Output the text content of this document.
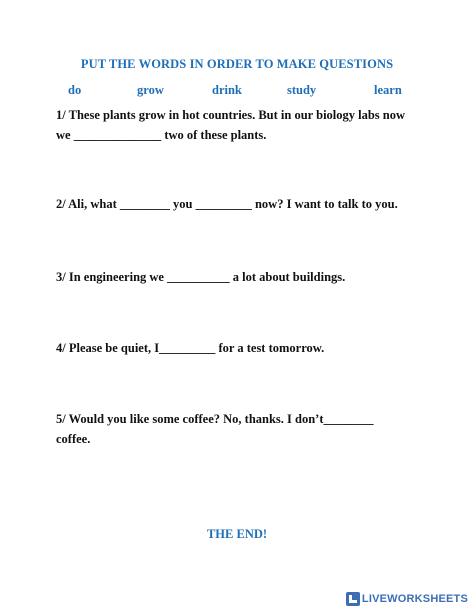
PUT THE WORDS IN ORDER TO MAKE QUESTIONS
do	grow	drink	study	learn
1/ These plants grow in hot countries. But in our biology labs now
we ______________ two of these plants.
2/ Ali, what ________ you _________ now? I want to talk to you.
3/ In engineering we __________ a lot about buildings.
4/ Please be quiet, I_________ for a test tomorrow.
5/ Would you like some coffee? No, thanks. I don’t________
coffee.
THE END!
LIVEWORKSHEETS
